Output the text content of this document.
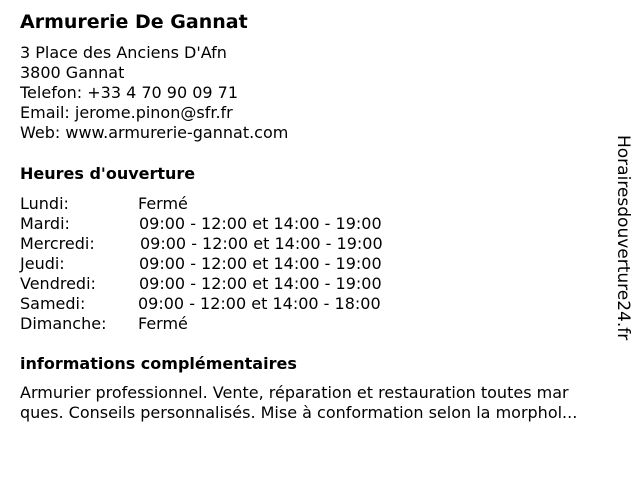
Armurerie De Gannat
3 Place des Anciens D'Afn
3800 Gannat
Telefon: +33 4 70 90 09 71
Email: jerome.pinon@sfr.fr
Web: www.armurerie-gannat.com
Heures d'ouverture
Lundi:	Fermé
Mardi:	09:00 - 12:00 et 14:00 - 19:00
Mercredi:	09:00 - 12:00 et 14:00 - 19:00
Jeudi:	09:00 - 12:00 et 14:00 - 19:00
Vendredi:	09:00 - 12:00 et 14:00 - 19:00
Samedi:	09:00 - 12:00 et 14:00 - 18:00
Dimanche: Fermé
informations complémentaires
Armurier professionnel. Vente, réparation et restauration toutes mar
ques. Conseils personnalisés. Mise à conformation selon la morphol...
Horairesdouverture24.fr
